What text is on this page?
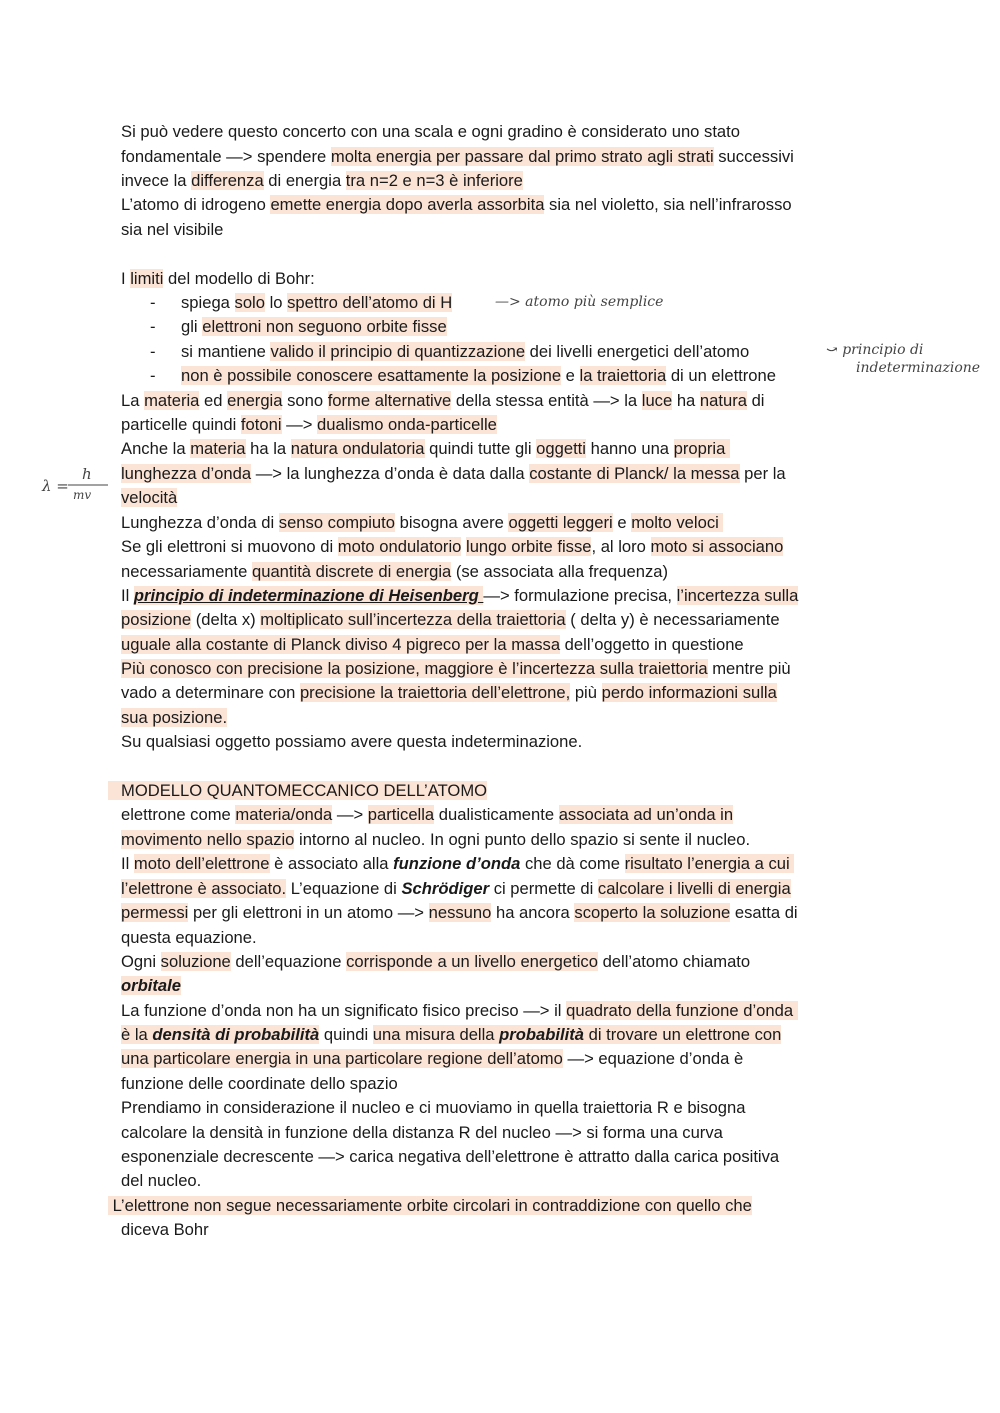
Si può vedere questo concerto con una scala e ogni gradino è considerato uno stato
fondamentale —> spendere molta energia per passare dal primo strato agli strati successivi
invece la differenza di energia tra n=2 e n=3 è inferiore
L’atomo di idrogeno emette energia dopo averla assorbita sia nel violetto, sia nell’infrarosso
sia nel visibile
I limiti del modello di Bohr:
- spiega solo lo spettro dell’atomo di H
- gli elettroni non seguono orbite fisse
- si mantiene valido il principio di quantizzazione dei livelli energetici dell’atomo
- non è possibile conoscere esattamente la posizione e la traiettoria di un elettrone
—> atomo più semplice
⤻ principio di
indeterminazione
La materia ed energia sono forme alternative della stessa entità —> la luce ha natura di
particelle quindi fotoni —> dualismo onda-particelle
Anche la materia ha la natura ondulatoria quindi tutte gli oggetti hanno una propria
lunghezza d’onda —> la lunghezza d’onda è data dalla costante di Planck/ la messa per la
velocità
λ =
h
mv
Lunghezza d’onda di senso compiuto bisogna avere oggetti leggeri e molto veloci
Se gli elettroni si muovono di moto ondulatorio lungo orbite fisse, al loro moto si associano
necessariamente quantità discrete di energia (se associata alla frequenza)
Il principio di indeterminazione di Heisenberg —> formulazione precisa, l’incertezza sulla
posizione (delta x) moltiplicato sull’incertezza della traiettoria ( delta y) è necessariamente
uguale alla costante di Planck diviso 4 pigreco per la massa dell’oggetto in questione
Più conosco con precisione la posizione, maggiore è l’incertezza sulla traiettoria mentre più
vado a determinare con precisione la traiettoria dell’elettrone, più perdo informazioni sulla
sua posizione.
Su qualsiasi oggetto possiamo avere questa indeterminazione.
MODELLO QUANTOMECCANICO DELL’ATOMO
elettrone come materia/onda —> particella dualisticamente associata ad un’onda in
movimento nello spazio intorno al nucleo. In ogni punto dello spazio si sente il nucleo.
Il moto dell’elettrone è associato alla funzione d’onda che dà come risultato l’energia a cui
l’elettrone è associato. L’equazione di Schrödiger ci permette di calcolare i livelli di energia
permessi per gli elettroni in un atomo —> nessuno ha ancora scoperto la soluzione esatta di
questa equazione.
Ogni soluzione dell’equazione corrisponde a un livello energetico dell’atomo chiamato
orbitale
La funzione d’onda non ha un significato fisico preciso —> il quadrato della funzione d’onda
è la densità di probabilità quindi una misura della probabilità di trovare un elettrone con
una particolare energia in una particolare regione dell’atomo —> equazione d’onda è
funzione delle coordinate dello spazio
Prendiamo in considerazione il nucleo e ci muoviamo in quella traiettoria R e bisogna
calcolare la densità in funzione della distanza R del nucleo —> si forma una curva
esponenziale decrescente —> carica negativa dell’elettrone è attratto dalla carica positiva
del nucleo.
L’elettrone non segue necessariamente orbite circolari in contraddizione con quello che
diceva Bohr
